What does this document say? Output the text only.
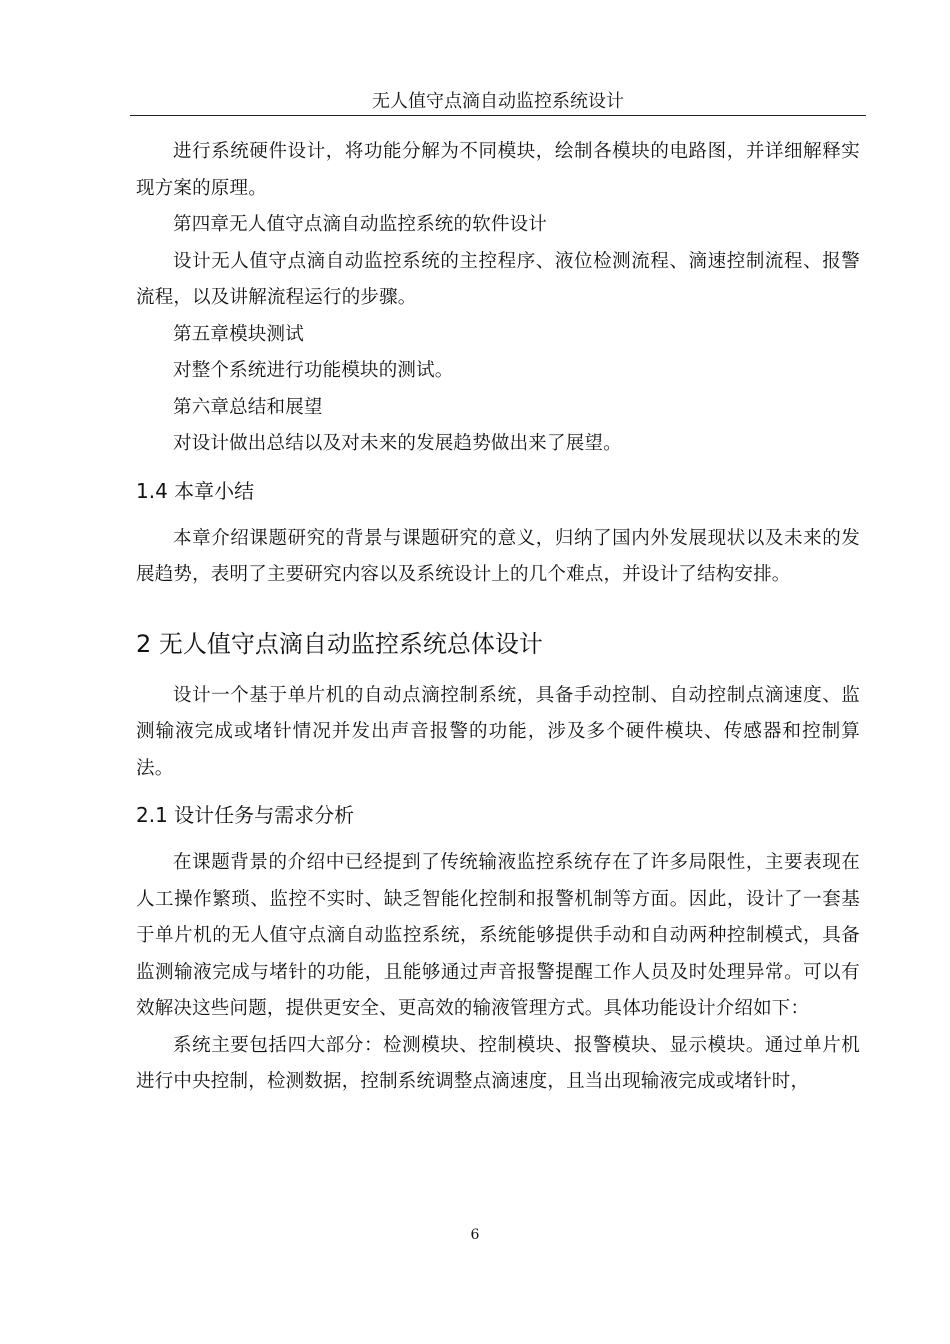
无人值守点滴自动监控系统设计

进行系统硬件设计，将功能分解为不同模块，绘制各模块的电路图，并详细解释实现方案的原理。

第四章无人值守点滴自动监控系统的软件设计

设计无人值守点滴自动监控系统的主控程序、液位检测流程、滴速控制流程、报警流程，以及讲解流程运行的步骤。

第五章模块测试

对整个系统进行功能模块的测试。

第六章总结和展望

对设计做出总结以及对未来的发展趋势做出来了展望。

1.4 本章小结

本章介绍课题研究的背景与课题研究的意义，归纳了国内外发展现状以及未来的发展趋势，表明了主要研究内容以及系统设计上的几个难点，并设计了结构安排。

2 无人值守点滴自动监控系统总体设计

设计一个基于单片机的自动点滴控制系统，具备手动控制、自动控制点滴速度、监测输液完成或堵针情况并发出声音报警的功能，涉及多个硬件模块、传感器和控制算法。

2.1 设计任务与需求分析

在课题背景的介绍中已经提到了传统输液监控系统存在了许多局限性，主要表现在人工操作繁琐、监控不实时、缺乏智能化控制和报警机制等方面。因此，设计了一套基于单片机的无人值守点滴自动监控系统，系统能够提供手动和自动两种控制模式，具备监测输液完成与堵针的功能，且能够通过声音报警提醒工作人员及时处理异常。可以有效解决这些问题，提供更安全、更高效的输液管理方式。具体功能设计介绍如下：

系统主要包括四大部分：检测模块、控制模块、报警模块、显示模块。通过单片机进行中央控制，检测数据，控制系统调整点滴速度，且当出现输液完成或堵针时，

6
